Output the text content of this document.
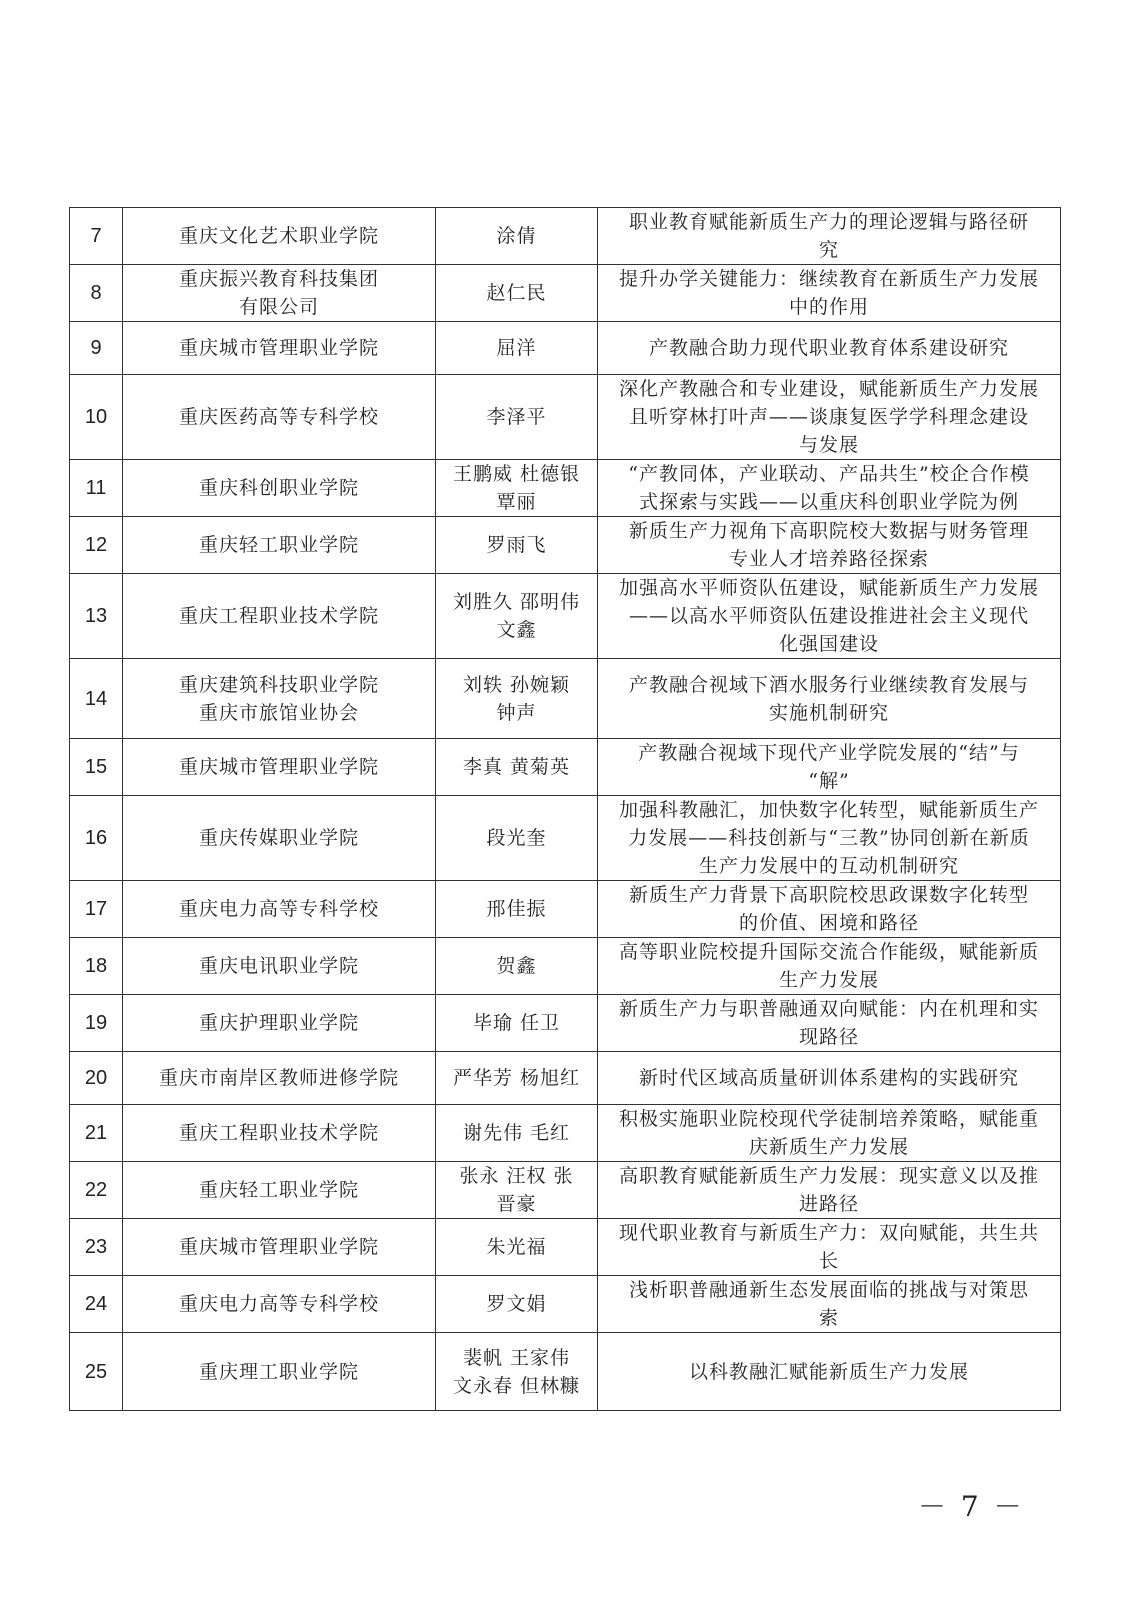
7	重庆文化艺术职业学院	涂倩	职业教育赋能新质生产力的理论逻辑与路径研
究

8	重庆振兴教育科技集团
有限公司	赵仁民	提升办学关键能力：继续教育在新质生产力发展
中的作用

9	重庆城市管理职业学院	屈洋	产教融合助力现代职业教育体系建设研究

10	重庆医药高等专科学校	李泽平	深化产教融合和专业建设，赋能新质生产力发展
且听穿林打叶声——谈康复医学学科理念建设
与发展

11	重庆科创职业学院	王鹏威 杜德银
覃丽	“产教同体，产业联动、产品共生”校企合作模
式探索与实践——以重庆科创职业学院为例

12	重庆轻工职业学院	罗雨飞	新质生产力视角下高职院校大数据与财务管理
专业人才培养路径探索

13	重庆工程职业技术学院	刘胜久 邵明伟
文鑫	加强高水平师资队伍建设，赋能新质生产力发展
——以高水平师资队伍建设推进社会主义现代
化强国建设

14	重庆建筑科技职业学院
重庆市旅馆业协会	刘轶 孙婉颖
钟声	产教融合视域下酒水服务行业继续教育发展与
实施机制研究

15	重庆城市管理职业学院	李真 黄菊英	产教融合视域下现代产业学院发展的“结”与
“解”

16	重庆传媒职业学院	段光奎	加强科教融汇，加快数字化转型，赋能新质生产
力发展——科技创新与“三教”协同创新在新质
生产力发展中的互动机制研究

17	重庆电力高等专科学校	邢佳振	新质生产力背景下高职院校思政课数字化转型
的价值、困境和路径

18	重庆电讯职业学院	贺鑫	高等职业院校提升国际交流合作能级，赋能新质
生产力发展

19	重庆护理职业学院	毕瑜 任卫	新质生产力与职普融通双向赋能：内在机理和实
现路径

20	重庆市南岸区教师进修学院	严华芳 杨旭红	新时代区域高质量研训体系建构的实践研究

21	重庆工程职业技术学院	谢先伟 毛红	积极实施职业院校现代学徒制培养策略，赋能重
庆新质生产力发展

22	重庆轻工职业学院	张永 汪权 张
晋豪	高职教育赋能新质生产力发展：现实意义以及推
进路径

23	重庆城市管理职业学院	朱光福	现代职业教育与新质生产力：双向赋能，共生共
长

24	重庆电力高等专科学校	罗文娟	浅析职普融通新生态发展面临的挑战与对策思
索

25	重庆理工职业学院	裴帆 王家伟
文永春 但林糠	以科教融汇赋能新质生产力发展
－ 7 －
